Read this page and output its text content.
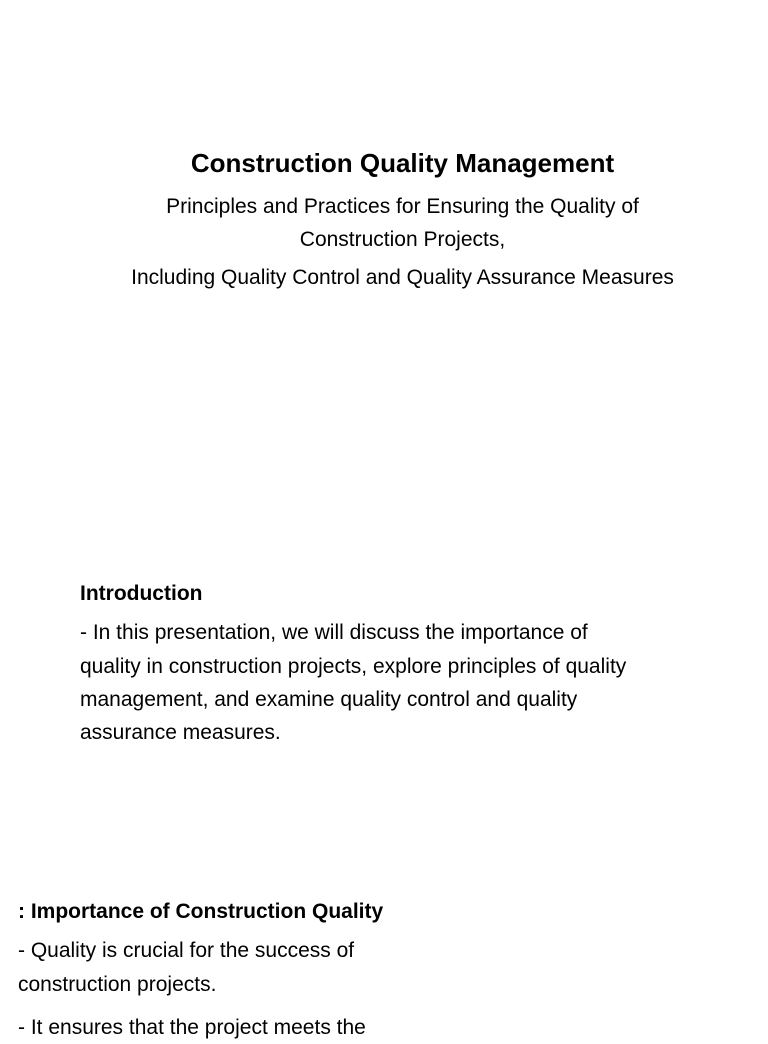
Construction Quality Management
Principles and Practices for Ensuring the Quality of
Construction Projects,
Including Quality Control and Quality Assurance Measures
Introduction
- In this presentation, we will discuss the importance of
quality in construction projects, explore principles of quality
management, and examine quality control and quality
assurance measures.
: Importance of Construction Quality
- Quality is crucial for the success of
construction projects.
- It ensures that the project meets the
